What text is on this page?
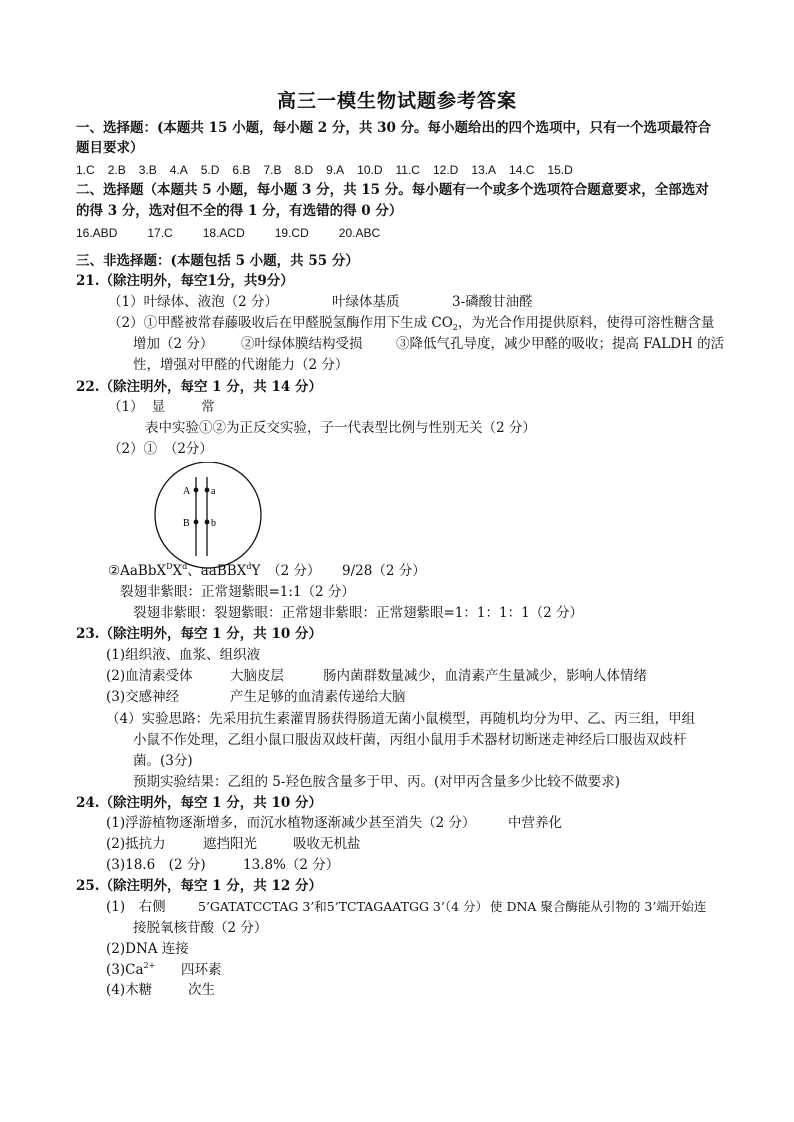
高三一模生物试题参考答案
一、选择题：(本题共 15 小题，每小题 2 分，共 30 分。每小题给出的四个选项中，只有一个选项最符合
题目要求）
1.C 2.B 3.B 4.A 5.D 6.B 7.B 8.D 9.A 10.D 11.C 12.D 13.A 14.C 15.D
二、选择题（本题共 5 小题，每小题 3 分，共 15 分。每小题有一个或多个选项符合题意要求，全部选对
的得 3 分，选对但不全的得 1 分，有选错的得 0 分）
16.ABD	17.C	18.ACD	19.CD	20.ABC
三、非选择题：(本题包括 5 小题，共 55 分）
21.（除注明外，每空1分，共9分）
（1）叶绿体、液泡（2 分）	叶绿体基质	3-磷酸甘油醛
（2）①甲醛被常春藤吸收后在甲醛脱氢酶作用下生成 $CO_2$，为光合作用提供原料，使得可溶性糖含量
增加（2 分） ②叶绿体膜结构受损 ③降低气孔导度，减少甲醛的吸收；提高 FALDH 的活
性，增强对甲醛的代谢能力（2 分）
22.（除注明外，每空 1 分，共 14 分）
（1） 显	常
表中实验①②为正反交实验，子一代表型比例与性别无关（2 分）
（2）①　（2分）
A a
B b
$②AaBbX^DX^d$、aaBBX$^d$Y　（2 分） 9/28（2 分）
裂翅非紫眼：正常翅紫眼=1:1（2 分）
裂翅非紫眼：裂翅紫眼：正常翅非紫眼：正常翅紫眼=1：1：1：1（2 分）
23.（除注明外，每空 1 分，共 10 分）
(1)组织液、血浆、组织液
(2)血清素受体	大脑皮层	肠内菌群数量减少，血清素产生量减少，影响人体情绪
(3)交感神经	产生足够的血清素传递给大脑
（4）实验思路：先采用抗生素灌胃肠获得肠道无菌小鼠模型，再随机均分为甲、乙、丙三组，甲组
小鼠不作处理，乙组小鼠口服齿双歧杆菌，丙组小鼠用手术器材切断迷走神经后口服齿双歧杆
菌。(3分)
预期实验结果：乙组的 5-羟色胺含量多于甲、丙。(对甲丙含量多少比较不做要求)
24.（除注明外，每空 1 分，共 10 分）
(1)浮游植物逐渐增多，而沉水植物逐渐减少甚至消失（2 分） 中营养化
(2)抵抗力	遮挡阳光	吸收无机盐
(3)18.6　(2 分)	13.8%（2 分）
25.（除注明外，每空 1 分，共 12 分）
(1)　右侧	5’GATATCCTAG 3’和5’TCTAGAATGG 3’（4 分） 使 DNA 聚合酶能从引物的 3’端开始连
接脱氧核苷酸（2 分）
(2)DNA 连接
$(3)Ca^{2+}$ 四环素
(4)木糖	次生
